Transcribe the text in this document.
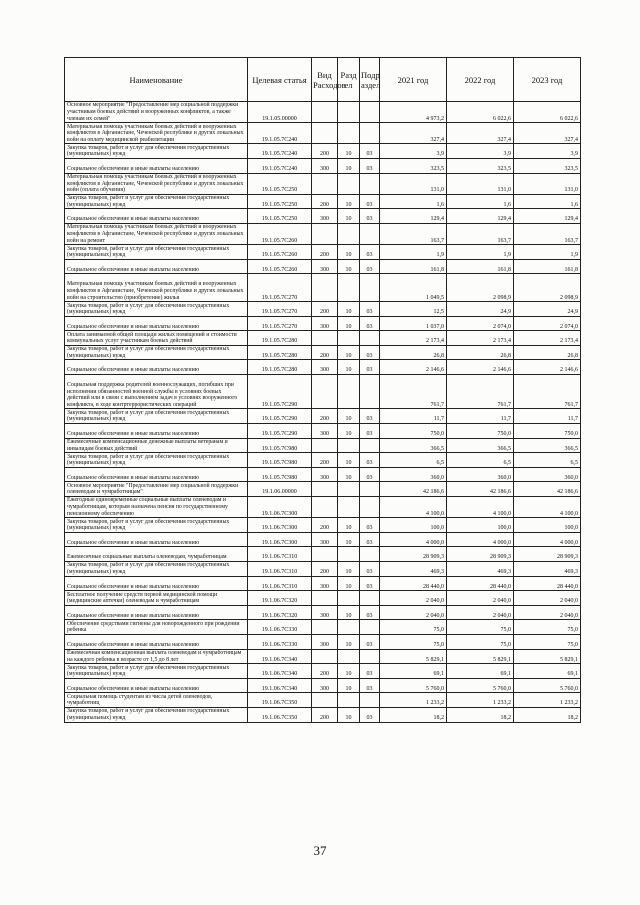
Наименование	Целевая статья	Вид Расходов	Разд ел	Подр аздел	2021 год	2022 год	2023 год
Основное мероприятие "Предоставление мер социальной поддержки участникам боевых действий и вооруженных конфликтов, а также членам их семей"	19.1.05.00000				4 973,2	6 022,6	6 022,6
Материальная помощь участникам боевых действий и вооруженных конфликтов в Афганистане, Чеченской республике и других локальных войн на оплату медицинской реабилитации	19.1.05.7С240				327,4	327,4	327,4
Закупка товаров, работ и услуг для обеспечения государственных (муниципальных) нужд	19.1.05.7С240	200	10	03	3,9	3,9	3,9
Социальное обеспечение и иные выплаты населению	19.1.05.7С240	300	10	03	323,5	323,5	323,5
Материальная помощь участникам боевых действий и вооруженных конфликтов в Афганистане, Чеченской республике и других локальных войн (оплата обучения)	19.1.05.7С250				131,0	131,0	131,0
Закупка товаров, работ и услуг для обеспечения государственных (муниципальных) нужд	19.1.05.7С250	200	10	03	1,6	1,6	1,6
Социальное обеспечение и иные выплаты населению	19.1.05.7С250	300	10	03	129,4	129,4	129,4
Материальная помощь участникам боевых действий и вооруженных конфликтов в Афганистане, Чеченской республике и других локальных войн на ремонт	19.1.05.7С260				163,7	163,7	163,7
Закупка товаров, работ и услуг для обеспечения государственных (муниципальных) нужд	19.1.05.7С260	200	10	03	1,9	1,9	1,9
Социальное обеспечение и иные выплаты населению	19.1.05.7С260	300	10	03	161,8	161,8	161,8
Материальная помощь участникам боевых действий и вооруженных конфликтов в Афганистане, Чеченской республике и других локальных войн на строительство (приобретение) жилья	19.1.05.7С270				1 049,5	2 098,9	2 098,9
Закупка товаров, работ и услуг для обеспечения государственных (муниципальных) нужд	19.1.05.7С270	200	10	03	12,5	24,9	24,9
Социальное обеспечение и иные выплаты населению	19.1.05.7С270	300	10	03	1 037,0	2 074,0	2 074,0
Оплата занимаемой общей площади жилых помещений и стоимости коммунальных услуг участникам боевых действий	19.1.05.7С280				2 173,4	2 173,4	2 173,4
Закупка товаров, работ и услуг для обеспечения государственных (муниципальных) нужд	19.1.05.7С280	200	10	03	26,8	26,8	26,8
Социальное обеспечение и иные выплаты населению	19.1.05.7С280	300	10	03	2 146,6	2 146,6	2 146,6
Социальная поддержка родителей военнослужащих, погибших при исполнении обязанностей военной службы в условиях боевых действий или в связи с выполнением задач в условиях вооруженного конфликта, в ходе контртеррористических операций	19.1.05.7С290				761,7	761,7	761,7
Закупка товаров, работ и услуг для обеспечения государственных (муниципальных) нужд	19.1.05.7С290	200	10	03	11,7	11,7	11,7
Социальное обеспечение и иные выплаты населению	19.1.05.7С290	300	10	03	750,0	750,0	750,0
Ежемесячные компенсационные денежные выплаты ветеранам и инвалидам боевых действий	19.1.05.7С980				366,5	366,5	366,5
Закупка товаров, работ и услуг для обеспечения государственных (муниципальных) нужд	19.1.05.7С980	200	10	03	6,5	6,5	6,5
Социальное обеспечение и иные выплаты населению	19.1.05.7С980	300	10	03	360,0	360,0	360,0
Основное мероприятие "Предоставление мер социальной поддержки оленеводам и чумработницам"	19.1.06.00000				42 186,6	42 186,6	42 186,6
Ежегодные единовременные социальные выплаты оленеводам и чумработницам, которым назначена пенсия по государственному пенсионному обеспечению	19.1.06.7С300				4 100,0	4 100,0	4 100,0
Закупка товаров, работ и услуг для обеспечения государственных (муниципальных) нужд	19.1.06.7С300	200	10	03	100,0	100,0	100,0
Социальное обеспечение и иные выплаты населению	19.1.06.7С300	300	10	03	4 000,0	4 000,0	4 000,0
Ежемесячные социальные выплаты оленеводам, чумработницам	19.1.06.7С310				28 909,3	28 909,3	28 909,3
Закупка товаров, работ и услуг для обеспечения государственных (муниципальных) нужд	19.1.06.7С310	200	10	03	469,3	469,3	469,3
Социальное обеспечение и иные выплаты населению	19.1.06.7С310	300	10	03	28 440,0	28 440,0	28 440,0
Бесплатное получение средств первой медицинской помощи (медицинские аптечки) оленеводам и чумработницам	19.1.06.7С320				2 040,0	2 040,0	2 040,0
Социальное обеспечение и иные выплаты населению	19.1.06.7С320	300	10	03	2 040,0	2 040,0	2 040,0
Обеспечение средствами гигиены для новорожденного при рождении ребенка	19.1.06.7С330				75,0	75,0	75,0
Социальное обеспечение и иные выплаты населению	19.1.06.7С330	300	10	03	75,0	75,0	75,0
Ежемесячная компенсационная выплата оленеводам и чумработницам на каждого ребенка в возрасте от 1,5 до 8 лет	19.1.06.7С340				5 829,1	5 829,1	5 829,1
Закупка товаров, работ и услуг для обеспечения государственных (муниципальных) нужд	19.1.06.7С340	200	10	03	69,1	69,1	69,1
Социальное обеспечение и иные выплаты населению	19.1.06.7С340	300	10	03	5 760,0	5 760,0	5 760,0
Социальная помощь студентам из числа детей оленеводов, чумработниц	19.1.06.7С350				1 233,2	1 233,2	1 233,2
Закупка товаров, работ и услуг для обеспечения государственных (муниципальных) нужд	19.1.06.7С350	200	10	03	18,2	18,2	18,2
37
